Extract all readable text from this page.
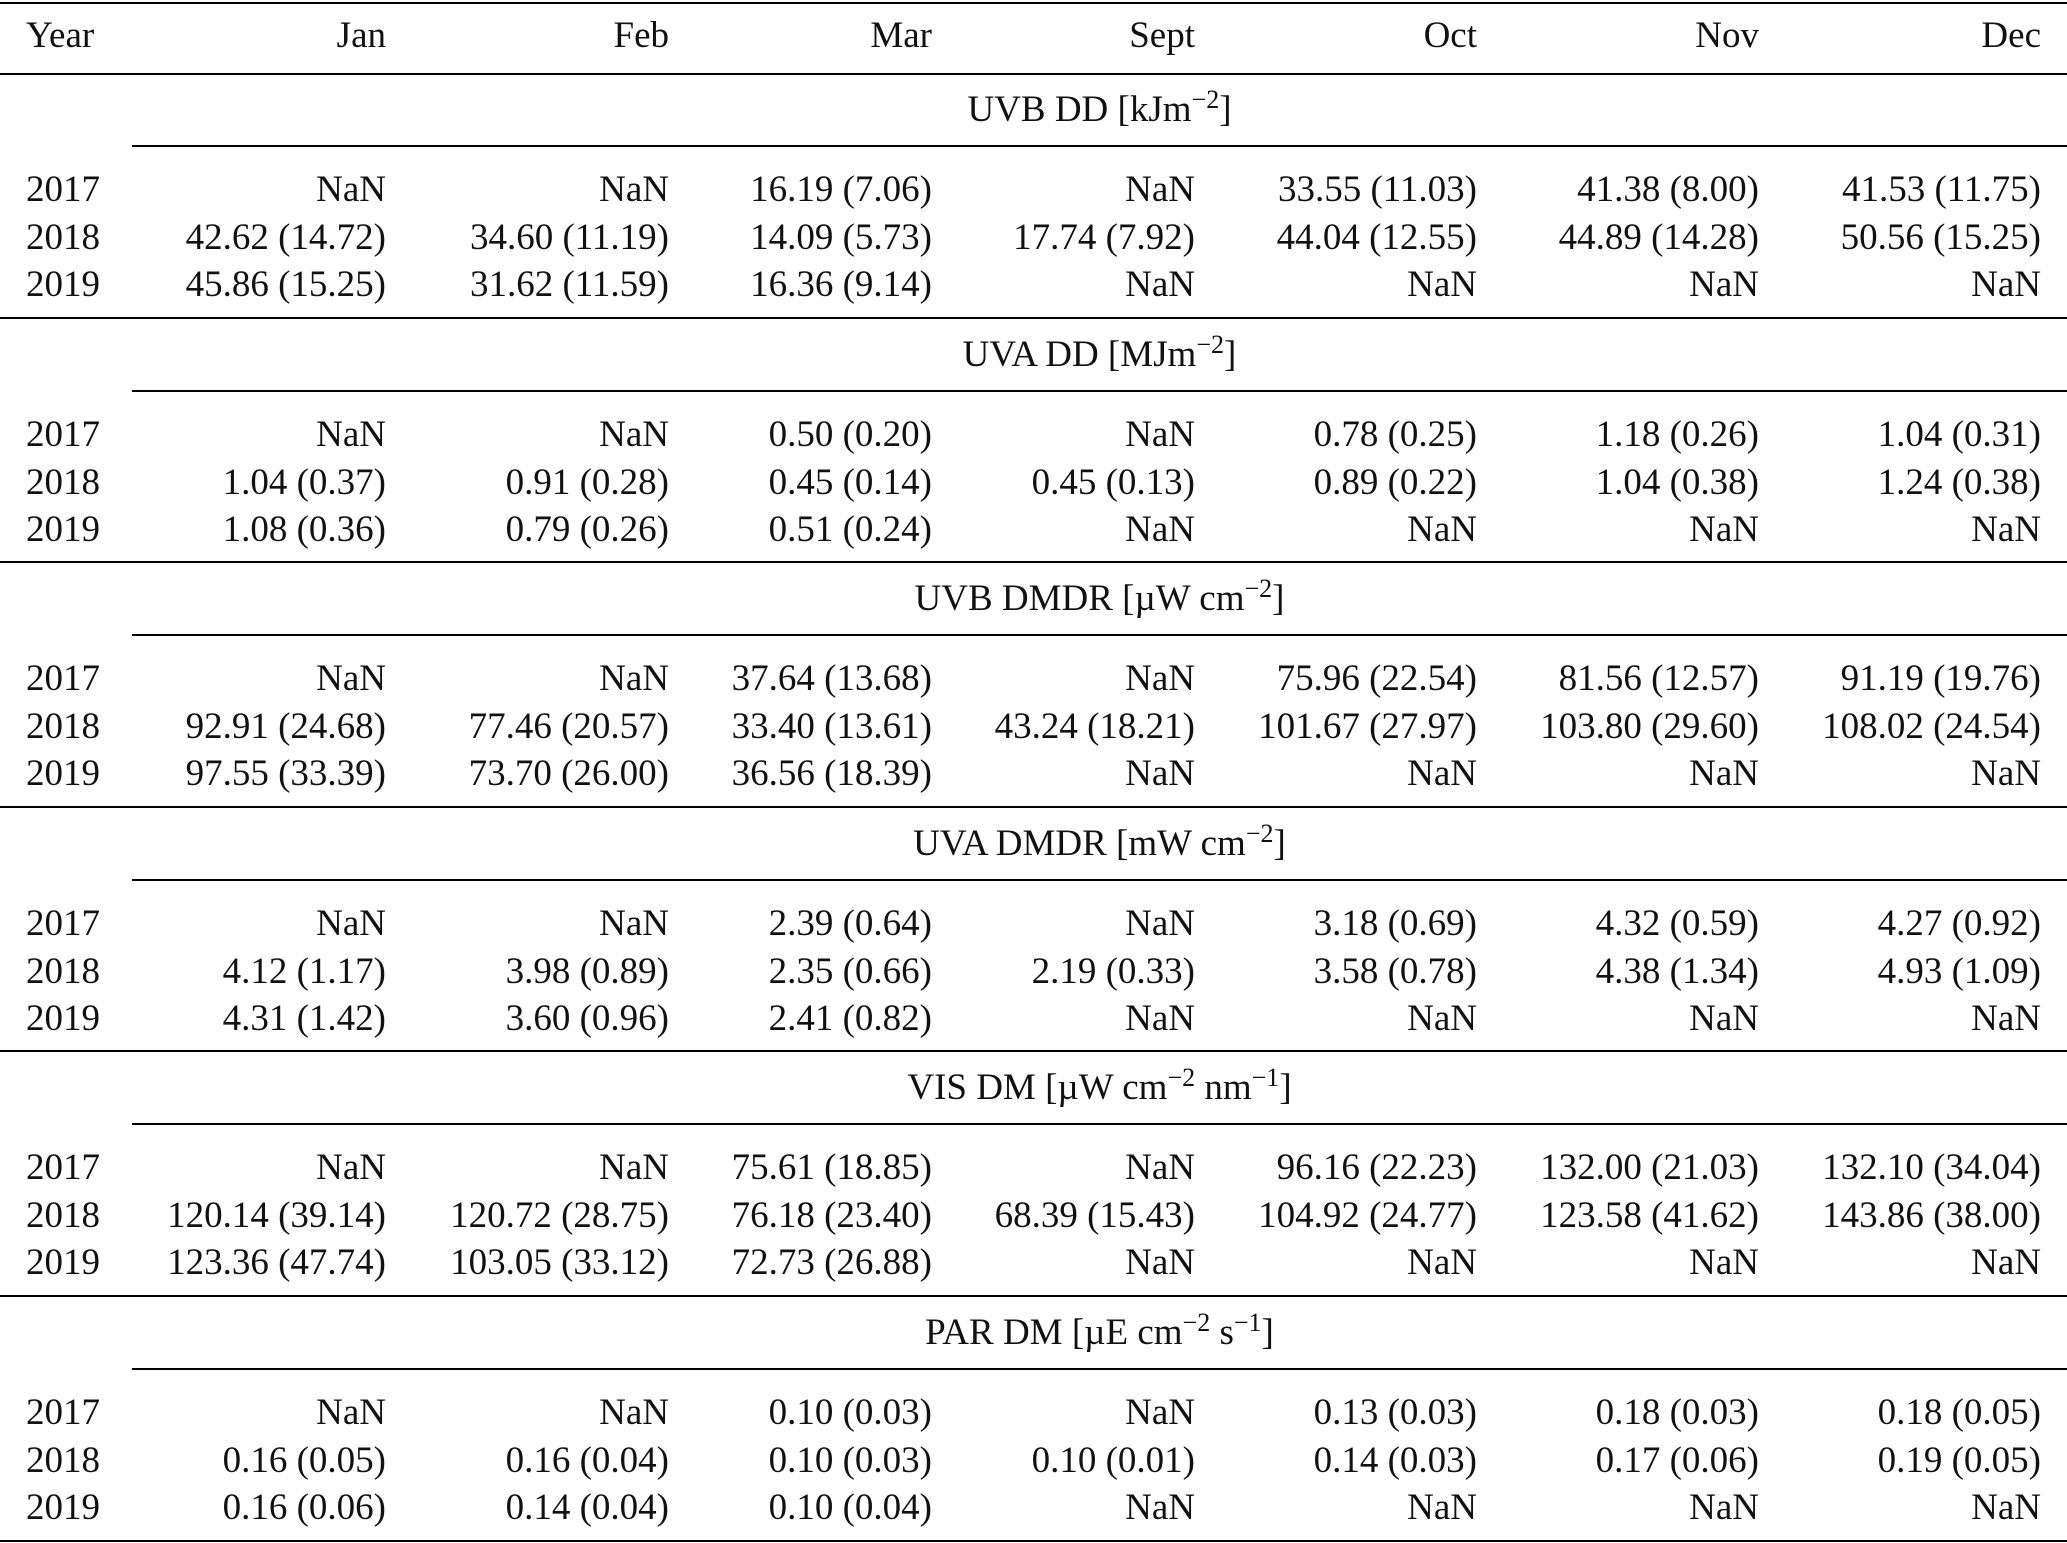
Year	Jan	Feb	Mar	Sept	Oct	Nov	Dec
UVB DD [kJm$^{-2}$]
2017	NaN	NaN 16.19 (7.06)	NaN 33.55 (11.03)	41.38 (8.00) 41.53 (11.75)
2018 42.62 (14.72) 34.60 (11.19) 14.09 (5.73) 17.74 (7.92) 44.04 (12.55) 44.89 (14.28) 50.56 (15.25)
2019 45.86 (15.25) 31.62 (11.59) 16.36 (9.14)	NaN	NaN	NaN	NaN
UVA DD [MJm$^{-2}$]
2017	NaN	NaN	0.50 (0.20)	NaN	0.78 (0.25)	1.18 (0.26)	1.04 (0.31)
2018	1.04 (0.37)	0.91 (0.28)	0.45 (0.14)	0.45 (0.13)	0.89 (0.22)	1.04 (0.38)	1.24 (0.38)
2019	1.08 (0.36)	0.79 (0.26)	0.51 (0.24)	NaN	NaN	NaN	NaN
UVB DMDR [µW $cm^{-2}$]
2017	NaN	NaN 37.64 (13.68)	NaN 75.96 (22.54) 81.56 (12.57) 91.19 (19.76)
2018 92.91 (24.68) 77.46 (20.57) 33.40 (13.61) 43.24 (18.21) 101.67 (27.97) 103.80 (29.60) 108.02 (24.54)
2019 97.55 (33.39) 73.70 (26.00) 36.56 (18.39)	NaN	NaN	NaN	NaN
UVA DMDR [mW $cm^{-2}$]
2017	NaN	NaN	2.39 (0.64)	NaN	3.18 (0.69)	4.32 (0.59)	4.27 (0.92)
2018	4.12 (1.17)	3.98 (0.89)	2.35 (0.66)	2.19 (0.33)	3.58 (0.78)	4.38 (1.34)	4.93 (1.09)
2019	4.31 (1.42)	3.60 (0.96)	2.41 (0.82)	NaN	NaN	NaN	NaN
VIS DM [µW $cm^{-2}$ $nm^{-1}$]
2017	NaN	NaN 75.61 (18.85)	NaN 96.16 (22.23) 132.00 (21.03) 132.10 (34.04)
2018 120.14 (39.14) 120.72 (28.75) 76.18 (23.40) 68.39 (15.43) 104.92 (24.77) 123.58 (41.62) 143.86 (38.00)
2019 123.36 (47.74) 103.05 (33.12) 72.73 (26.88)	NaN	NaN	NaN	NaN
PAR DM [µE $cm^{-2}$ $s^{-1}$]
2017	NaN	NaN	0.10 (0.03)	NaN	0.13 (0.03)	0.18 (0.03)	0.18 (0.05)
2018	0.16 (0.05)	0.16 (0.04)	0.10 (0.03)	0.10 (0.01)	0.14 (0.03)	0.17 (0.06)	0.19 (0.05)
2019	0.16 (0.06)	0.14 (0.04)	0.10 (0.04)	NaN	NaN	NaN	NaN
